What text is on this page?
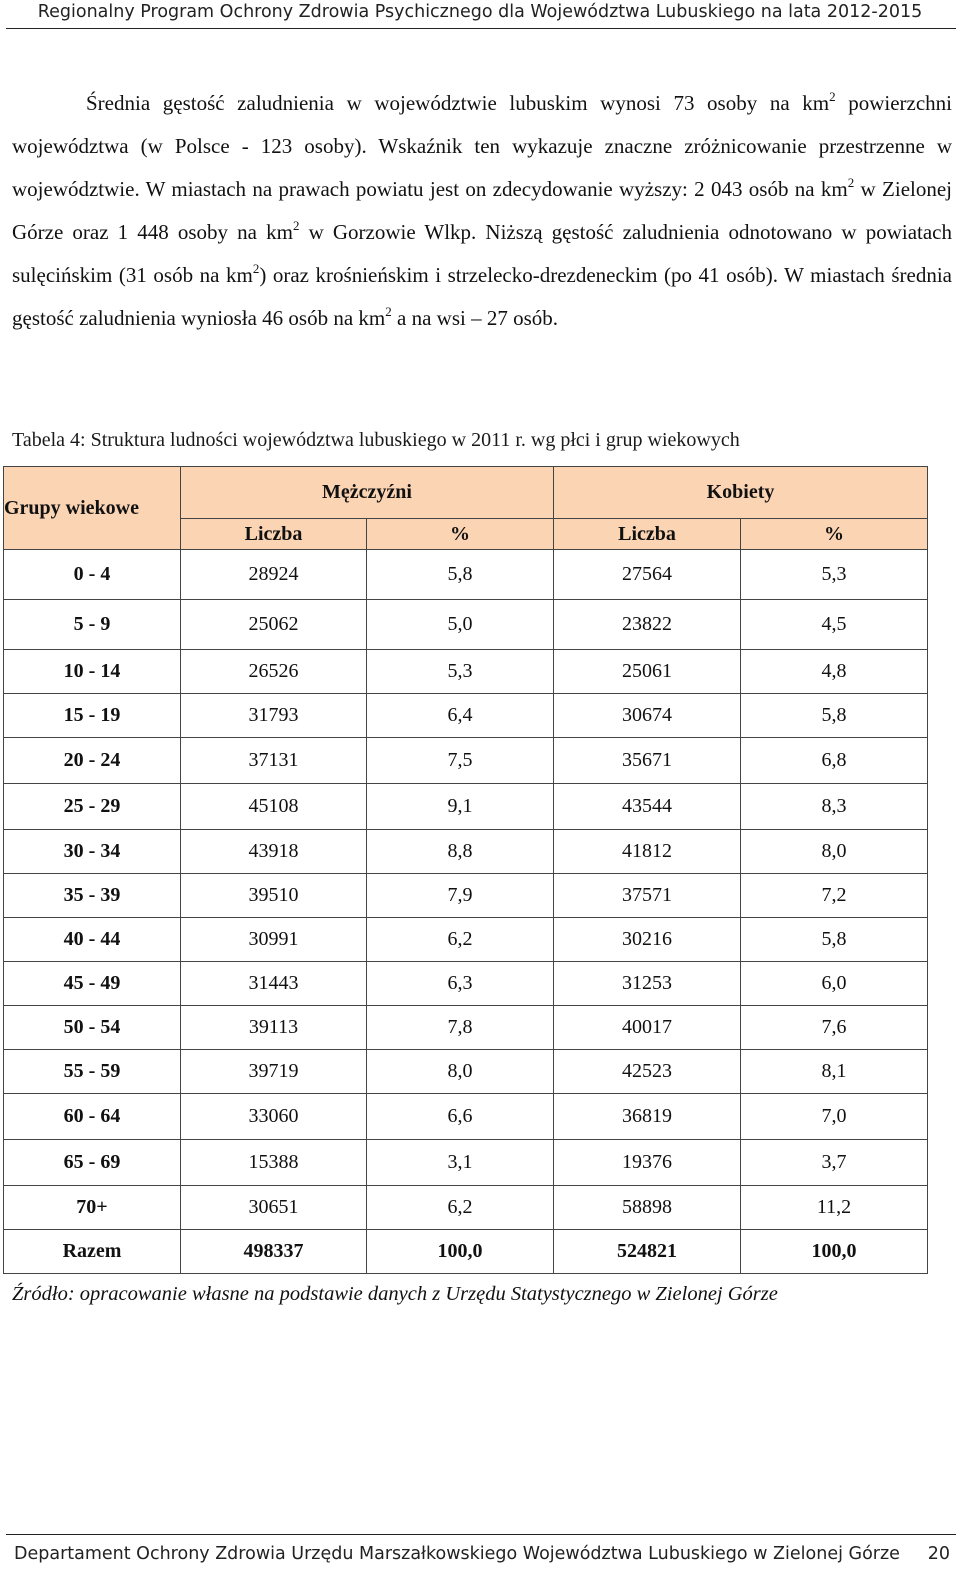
Regionalny Program Ochrony Zdrowia Psychicznego dla Województwa Lubuskiego na lata 2012-2015
Średnia gęstość zaludnienia w województwie lubuskim wynosi 73 osoby na $km^2$ powierzchni województwa (w Polsce - 123 osoby). Wskaźnik ten wykazuje znaczne zróżnicowanie przestrzenne w województwie. W miastach na prawach powiatu jest on zdecydowanie wyższy: 2 043 osób na $km^2$ w Zielonej Górze oraz 1 448 osoby na $km^2$ w Gorzowie Wlkp. Niższą gęstość zaludnienia odnotowano w powiatach sulęcińskim (31 osób na $km^2$) oraz krośnieńskim i strzelecko-drezdeneckim (po 41 osób). W miastach średnia gęstość zaludnienia wyniosła 46 osób na $km^2$ a na wsi – 27 osób.
Tabela 4: Struktura ludności województwa lubuskiego w 2011 r. wg płci i grup wiekowych
Grupy wiekowe	Mężczyźni		Kobiety	
	Liczba	%	Liczba	%
0 - 4	28924	5,8	27564	5,3
5 - 9	25062	5,0	23822	4,5
10 - 14	26526	5,3	25061	4,8
15 - 19	31793	6,4	30674	5,8
20 - 24	37131	7,5	35671	6,8
25 - 29	45108	9,1	43544	8,3
30 - 34	43918	8,8	41812	8,0
35 - 39	39510	7,9	37571	7,2
40 - 44	30991	6,2	30216	5,8
45 - 49	31443	6,3	31253	6,0
50 - 54	39113	7,8	40017	7,6
55 - 59	39719	8,0	42523	8,1
60 - 64	33060	6,6	36819	7,0
65 - 69	15388	3,1	19376	3,7
70+	30651	6,2	58898	11,2
Razem	498337	100,0	524821	100,0
Źródło: opracowanie własne na podstawie danych z Urzędu Statystycznego w Zielonej Górze
Departament Ochrony Zdrowia Urzędu Marszałkowskiego Województwa Lubuskiego w Zielonej Górze 20
